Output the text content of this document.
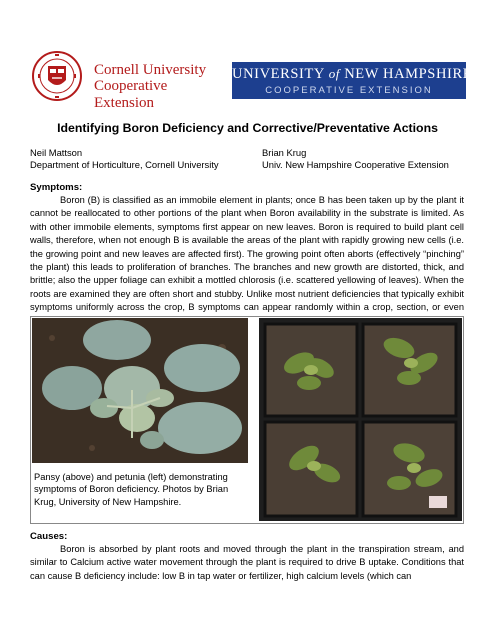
Cornell University
Cooperative Extension
UNIVERSITY of NEW HAMPSHIRE
COOPERATIVE EXTENSION
Identifying Boron Deficiency and Corrective/Preventative Actions
Neil Mattson
Department of Horticulture, Cornell University
Brian Krug
Univ. New Hampshire Cooperative Extension
Symptoms:

Boron (B) is classified as an immobile element in plants; once B has been taken up by the plant it cannot be reallocated to other portions of the plant when Boron availability in the substrate is limited. As with other immobile elements, symptoms first appear on new leaves. Boron is required to build plant cell walls, therefore, when not enough B is available the areas of the plant with rapidly growing new cells (i.e. the growing point and new leaves are affected first). The growing point often aborts (effectively “pinching” the plant) this leads to proliferation of branches. The branches and new growth are distorted, thick, and brittle; also the upper foliage can exhibit a mottled chlorosis (i.e. scattered yellowing of leaves). When the roots are examined they are often short and stubby. Unlike most nutrient deficiencies that typically exhibit symptoms uniformly across the crop, B symptoms can appear randomly within a crop, section, or even

Pansy (above) and petunia (left) demonstrating symptoms of Boron deficiency. Photos by Brian Krug, University of New Hampshire.
Causes:

Boron is absorbed by plant roots and moved through the plant in the transpiration stream, and similar to Calcium active water movement through the plant is required to drive B uptake. Conditions that can cause B deficiency include: low B in tap water or fertilizer, high calcium levels (which can
